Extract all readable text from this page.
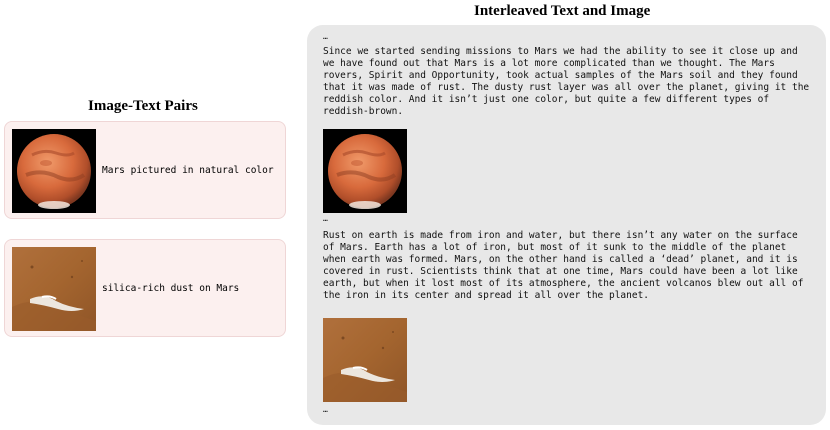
Image-Text Pairs
Interleaved Text and Image
Mars pictured in natural color
silica-rich dust on Mars
…
Since we started sending missions to Mars we had the ability to see it close up and
we have found out that Mars is a lot more complicated than we thought. The Mars
rovers, Spirit and Opportunity, took actual samples of the Mars soil and they found
that it was made of rust. The dusty rust layer was all over the planet, giving it the
reddish color. And it isn’t just one color, but quite a few different types of
reddish-brown.
…
Rust on earth is made from iron and water, but there isn’t any water on the surface
of Mars. Earth has a lot of iron, but most of it sunk to the middle of the planet
when earth was formed. Mars, on the other hand is called a ‘dead’ planet, and it is
covered in rust. Scientists think that at one time, Mars could have been a lot like
earth, but when it lost most of its atmosphere, the ancient volcanos blew out all of
the iron in its center and spread it all over the planet.
…
